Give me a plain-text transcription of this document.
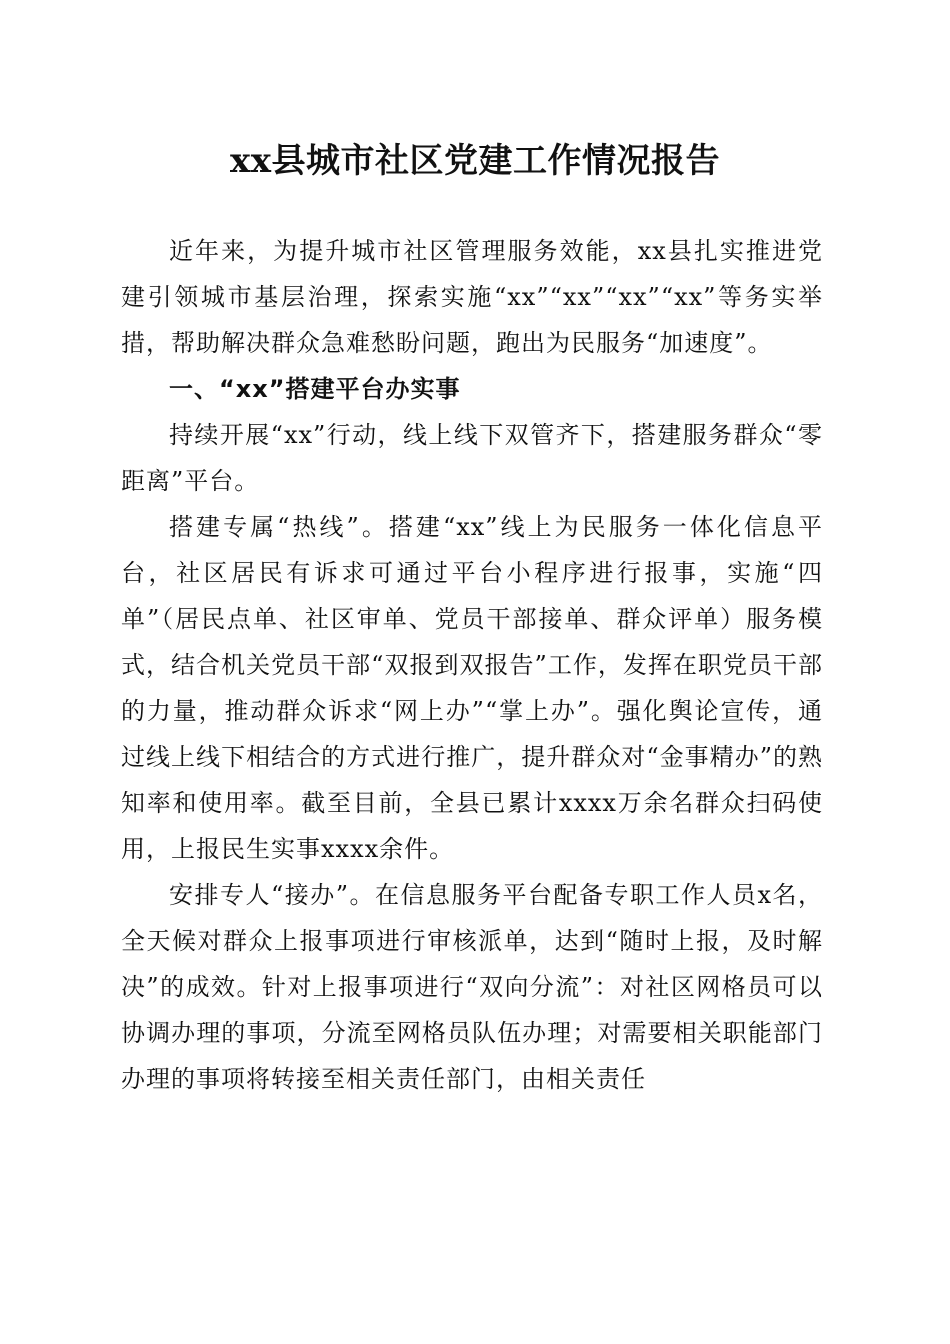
xx县城市社区党建工作情况报告

近年来，为提升城市社区管理服务效能，xx县扎实推进党建引领城市基层治理，探索实施“xx”“xx”“xx”“xx”等务实举措，帮助解决群众急难愁盼问题，跑出为民服务“加速度”。

一、“xx”搭建平台办实事

持续开展“xx”行动，线上线下双管齐下，搭建服务群众“零距离”平台。

搭建专属“热线”。搭建“xx”线上为民服务一体化信息平台，社区居民有诉求可通过平台小程序进行报事，实施“四单”（居民点单、社区审单、党员干部接单、群众评单）服务模式，结合机关党员干部“双报到双报告”工作，发挥在职党员干部的力量，推动群众诉求“网上办”“掌上办”。强化舆论宣传，通过线上线下相结合的方式进行推广，提升群众对“金事精办”的熟知率和使用率。截至目前，全县已累计xxxx万余名群众扫码使用，上报民生实事xxxx余件。

安排专人“接办”。在信息服务平台配备专职工作人员x名，全天候对群众上报事项进行审核派单，达到“随时上报，及时解决”的成效。针对上报事项进行“双向分流”：对社区网格员可以协调办理的事项，分流至网格员队伍办理；对需要相关职能部门办理的事项将转接至相关责任部门，由相关责任
